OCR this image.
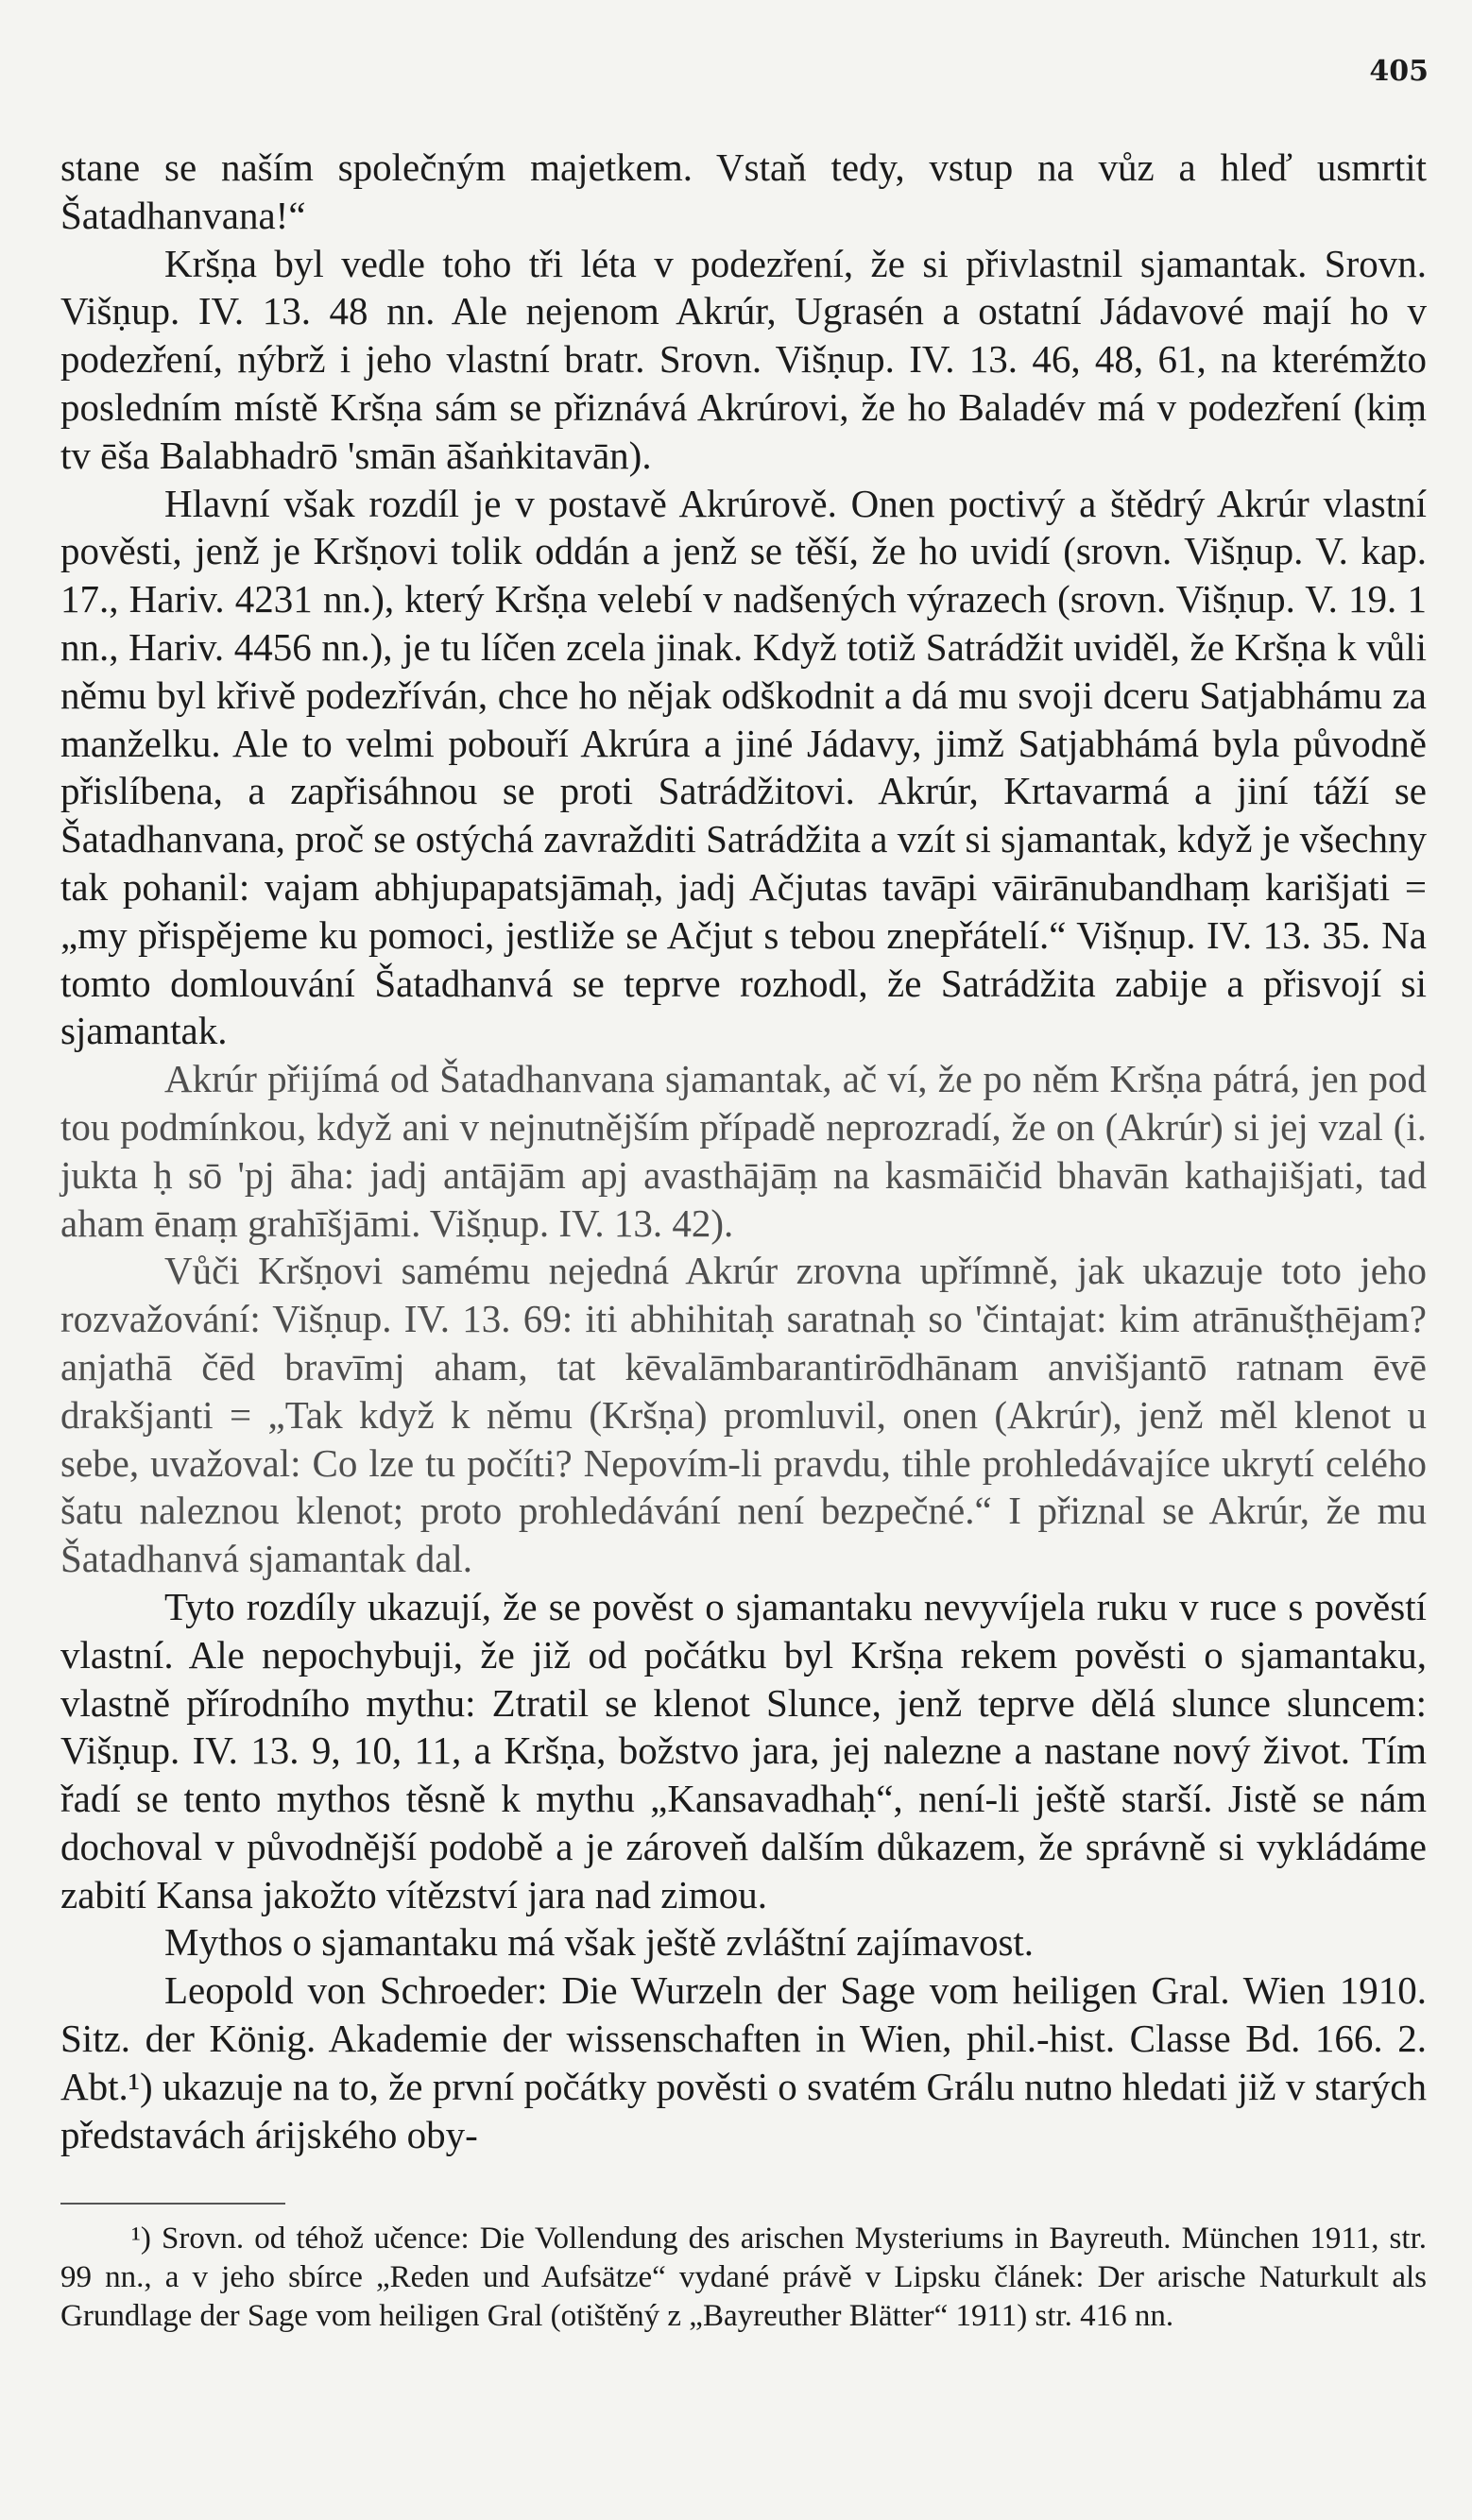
405

stane se naším společným majetkem. Vstaň tedy, vstup na vůz a hleď usmrtit Šatadhanvana!“

Kršṇa byl vedle toho tři léta v podezření, že si přivlastnil sjamantak. Srovn. Višṇup. IV. 13. 48 nn. Ale nejenom Akrúr, Ugrasén a ostatní Jádavové mají ho v podezření, nýbrž i jeho vlastní bratr. Srovn. Višṇup. IV. 13. 46, 48, 61, na kterémžto posledním místě Kršṇa sám se přiznává Akrúrovi, že ho Baladév má v podezření (kiṃ tv ēša Balabhadrō 'smān āšaṅkitavān).

Hlavní však rozdíl je v postavě Akrúrově. Onen poctivý a štědrý Akrúr vlastní pověsti, jenž je Kršṇovi tolik oddán a jenž se těší, že ho uvidí (srovn. Višṇup. V. kap. 17., Hariv. 4231 nn.), který Kršṇa velebí v nadšených výrazech (srovn. Višṇup. V. 19. 1 nn., Hariv. 4456 nn.), je tu líčen zcela jinak. Když totiž Satrádžit uviděl, že Kršṇa k vůli němu byl křivě podezříván, chce ho nějak odškodnit a dá mu svoji dceru Satjabhámu za manželku. Ale to velmi pobouří Akrúra a jiné Jádavy, jimž Satjabhámá byla původně přislíbena, a zapřisáhnou se proti Satrádžitovi. Akrúr, Krtavarmá a jiní táží se Šatadhanvana, proč se ostýchá zavražditi Satrádžita a vzít si sjamantak, když je všechny tak pohanil: vajam abhjupapatsjāmaḥ, jadj Ačjutas tavāpi vāirānubandhaṃ karišjati = „my přispějeme ku pomoci, jestliže se Ačjut s tebou znepřátelí.“ Višṇup. IV. 13. 35. Na tomto domlouvání Šatadhanvá se teprve rozhodl, že Satrádžita zabije a přisvojí si sjamantak.

Akrúr přijímá od Šatadhanvana sjamantak, ač ví, že po něm Kršṇa pátrá, jen pod tou podmínkou, když ani v nejnutnějším případě neprozradí, že on (Akrúr) si jej vzal (i. jukta ḥ sō 'pj āha: jadj antājām apj avasthājāṃ na kasmāičid bhavān kathajišjati, tad aham ēnaṃ grahīšjāmi. Višṇup. IV. 13. 42).

Vůči Kršṇovi samému nejedná Akrúr zrovna upřímně, jak ukazuje toto jeho rozvažování: Višṇup. IV. 13. 69: iti abhihitaḥ saratnaḥ so 'čintajat: kim atrānušṭhējam? anjathā čēd bravīmj aham, tat kēvalāmbarantirōdhānam anvišjantō ratnam ēvē drakšjanti = „Tak když k němu (Kršṇa) promluvil, onen (Akrúr), jenž měl klenot u sebe, uvažoval: Co lze tu počíti? Nepovím-li pravdu, tihle prohledávajíce ukrytí celého šatu naleznou klenot; proto prohledávání není bezpečné.“ I přiznal se Akrúr, že mu Šatadhanvá sjamantak dal.

Tyto rozdíly ukazují, že se pověst o sjamantaku nevyvíjela ruku v ruce s pověstí vlastní. Ale nepochybuji, že již od počátku byl Kršṇa rekem pověsti o sjamantaku, vlastně přírodního mythu: Ztratil se klenot Slunce, jenž teprve dělá slunce sluncem: Višṇup. IV. 13. 9, 10, 11, a Kršṇa, božstvo jara, jej nalezne a nastane nový život. Tím řadí se tento mythos těsně k mythu „Kansavadhaḥ“, není-li ještě starší. Jistě se nám dochoval v původnější podobě a je zároveň dalším důkazem, že správně si vykládáme zabití Kansa jakožto vítězství jara nad zimou.

Mythos o sjamantaku má však ještě zvláštní zajímavost.

Leopold von Schroeder: Die Wurzeln der Sage vom heiligen Gral. Wien 1910. Sitz. der König. Akademie der wissenschaften in Wien, phil.-hist. Classe Bd. 166. 2. Abt.¹) ukazuje na to, že první počátky pověsti o svatém Grálu nutno hledati již v starých představách árijského oby-

¹) Srovn. od téhož učence: Die Vollendung des arischen Mysteriums in Bayreuth. München 1911, str. 99 nn., a v jeho sbírce „Reden und Aufsätze“ vydané právě v Lipsku článek: Der arische Naturkult als Grundlage der Sage vom heiligen Gral (otištěný z „Bayreuther Blätter“ 1911) str. 416 nn.
